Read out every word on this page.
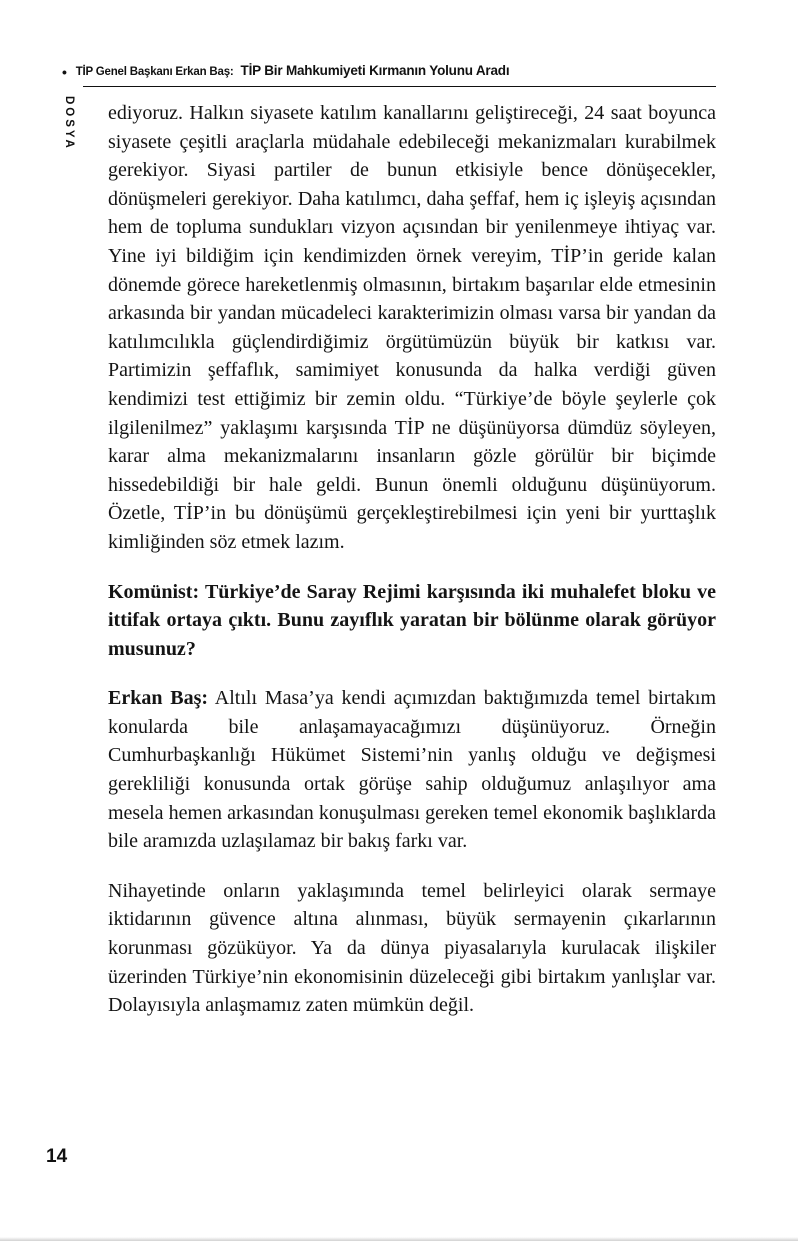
• TİP Genel Başkanı Erkan Baş: TİP Bir Mahkumiyeti Kırmanın Yolunu Aradı
DOSYA ediyoruz. Halkın siyasete katılım kanallarını geliştireceği, 24 saat boyunca siyasete çeşitli araçlarla müdahale edebileceği mekanizmaları kurabilmek gerekiyor. Siyasi partiler de bunun etkisiyle bence dönüşecekler, dönüşmeleri gerekiyor. Daha katılımcı, daha şeffaf, hem iç işleyiş açısından hem de topluma sundukları vizyon açısından bir yenilenmeye ihtiyaç var. Yine iyi bildiğim için kendimizden örnek vereyim, TİP’in geride kalan dönemde görece hareketlenmiş olmasının, birtakım başarılar elde etmesinin arkasında bir yandan mücadeleci karakterimizin olması varsa bir yandan da katılımcılıkla güçlendirdiğimiz örgütümüzün büyük bir katkısı var. Partimizin şeffaflık, samimiyet konusunda da halka verdiği güven kendimizi test ettiğimiz bir zemin oldu. “Türkiye’de böyle şeylerle çok ilgilenilmez” yaklaşımı karşısında TİP ne düşünüyorsa dümdüz söyleyen, karar alma mekanizmalarını insanların gözle görülür bir biçimde hissedebildiği bir hale geldi. Bunun önemli olduğunu düşünüyorum. Özetle, TİP’in bu dönüşümü gerçekleştirebilmesi için yeni bir yurttaşlık kimliğinden söz etmek lazım.

Komünist: Türkiye’de Saray Rejimi karşısında iki muhalefet bloku ve ittifak ortaya çıktı. Bunu zayıflık yaratan bir bölünme olarak görüyor musunuz?

Erkan Baş: Altılı Masa’ya kendi açımızdan baktığımızda temel birtakım konularda bile anlaşamayacağımızı düşünüyoruz. Örneğin Cumhurbaşkanlığı Hükümet Sistemi’nin yanlış olduğu ve değişmesi gerekliliği konusunda ortak görüşe sahip olduğumuz anlaşılıyor ama mesela hemen arkasından konuşulması gereken temel ekonomik başlıklarda bile aramızda uzlaşılamaz bir bakış farkı var.

Nihayetinde onların yaklaşımında temel belirleyici olarak sermaye iktidarının güvence altına alınması, büyük sermayenin çıkarlarının korunması gözüküyor. Ya da dünya piyasalarıyla kurulacak ilişkiler üzerinden Türkiye’nin ekonomisinin düzeleceği gibi birtakım yanlışlar var. Dolayısıyla anlaşmamız zaten mümkün değil.

14
